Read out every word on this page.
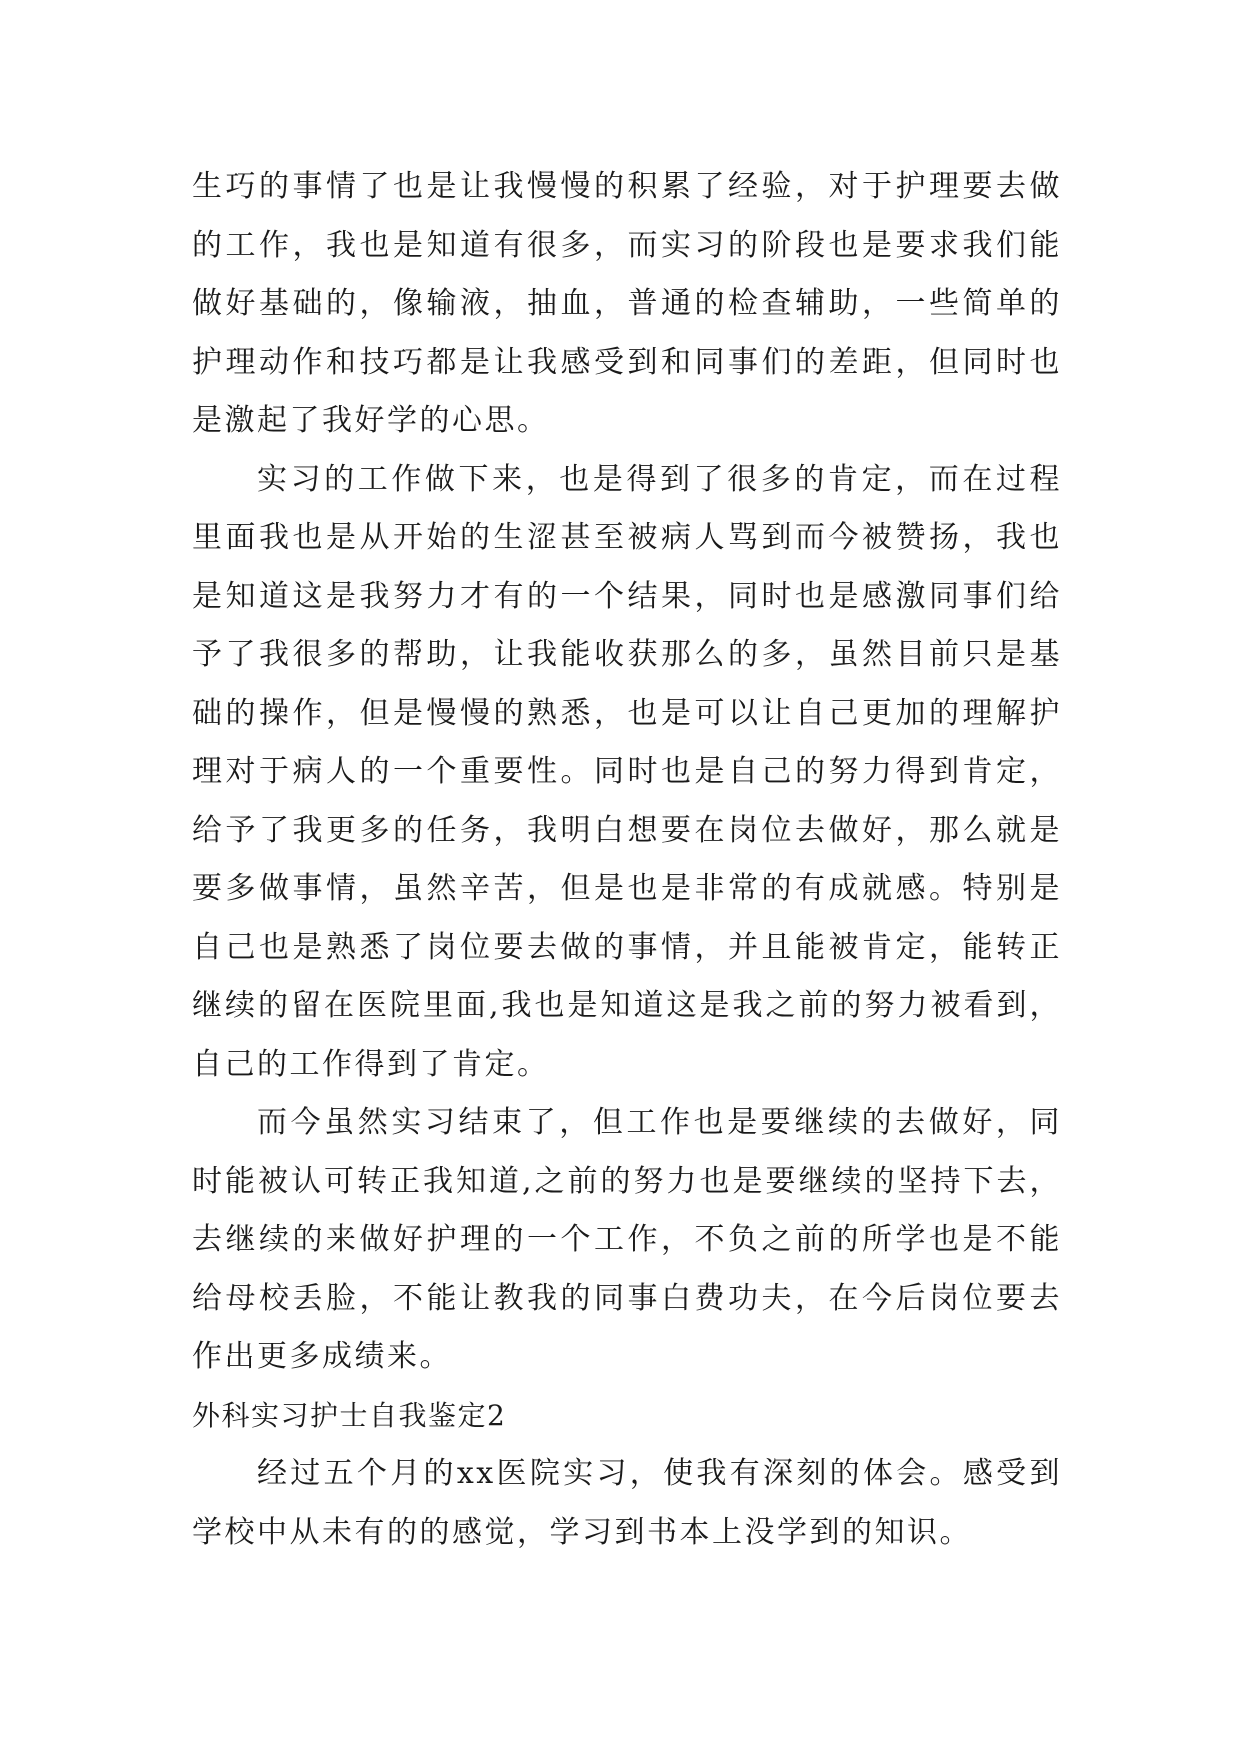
生巧的事情了也是让我慢慢的积累了经验，对于护理要去做的工作，我也是知道有很多，而实习的阶段也是要求我们能做好基础的，像输液，抽血，普通的检查辅助，一些简单的护理动作和技巧都是让我感受到和同事们的差距，但同时也是激起了我好学的心思。

实习的工作做下来，也是得到了很多的肯定，而在过程里面我也是从开始的生涩甚至被病人骂到而今被赞扬，我也是知道这是我努力才有的一个结果，同时也是感激同事们给予了我很多的帮助，让我能收获那么的多，虽然目前只是基础的操作，但是慢慢的熟悉，也是可以让自己更加的理解护理对于病人的一个重要性。同时也是自己的努力得到肯定，给予了我更多的任务，我明白想要在岗位去做好，那么就是要多做事情，虽然辛苦，但是也是非常的有成就感。特别是自己也是熟悉了岗位要去做的事情，并且能被肯定，能转正继续的留在医院里面,我也是知道这是我之前的努力被看到，自己的工作得到了肯定。

而今虽然实习结束了，但工作也是要继续的去做好，同时能被认可转正我知道,之前的努力也是要继续的坚持下去，去继续的来做好护理的一个工作，不负之前的所学也是不能给母校丢脸，不能让教我的同事白费功夫，在今后岗位要去作出更多成绩来。

外科实习护士自我鉴定2

经过五个月的xx医院实习，使我有深刻的体会。感受到学校中从未有的的感觉，学习到书本上没学到的知识。
